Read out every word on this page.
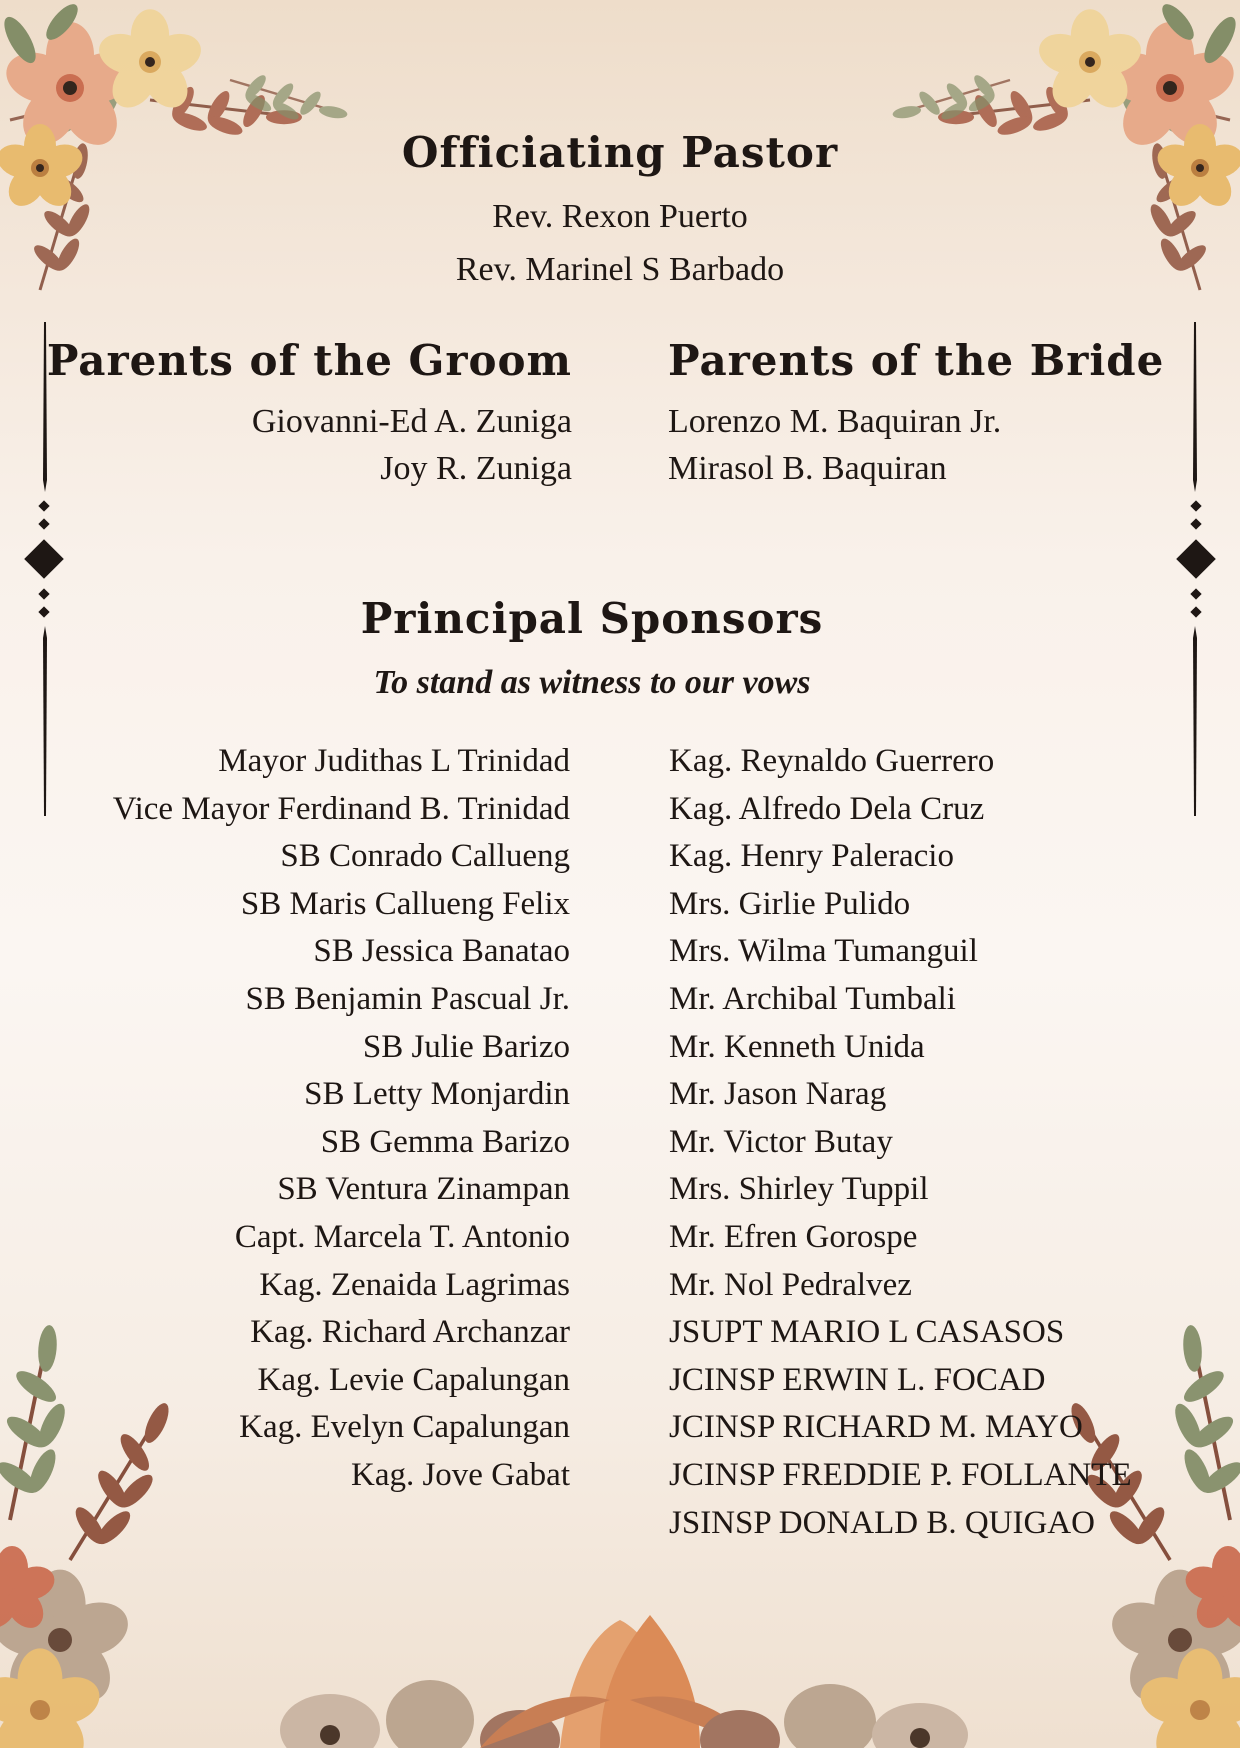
Officiating Pastor
Rev. Rexon Puerto
Rev. Marinel S Barbado
Parents of the Groom
Giovanni-Ed A. Zuniga
Joy R. Zuniga
Parents of the Bride
Lorenzo M. Baquiran Jr.
Mirasol B. Baquiran
Principal Sponsors
To stand as witness to our vows
Mayor Judithas L Trinidad
Vice Mayor Ferdinand B. Trinidad
SB Conrado Callueng
SB Maris Callueng Felix
SB Jessica Banatao
SB Benjamin Pascual Jr.
SB Julie Barizo
SB Letty Monjardin
SB Gemma Barizo
SB Ventura Zinampan
Capt. Marcela T. Antonio
Kag. Zenaida Lagrimas
Kag. Richard Archanzar
Kag. Levie Capalungan
Kag. Evelyn Capalungan
Kag. Jove Gabat
Kag. Reynaldo Guerrero
Kag. Alfredo Dela Cruz
Kag. Henry Paleracio
Mrs. Girlie Pulido
Mrs. Wilma Tumanguil
Mr. Archibal Tumbali
Mr. Kenneth Unida
Mr. Jason Narag
Mr. Victor Butay
Mrs. Shirley Tuppil
Mr. Efren Gorospe
Mr. Nol Pedralvez
JSUPT MARIO L CASASOS
JCINSP ERWIN L. FOCAD
JCINSP RICHARD M. MAYO
JCINSP FREDDIE P. FOLLANTE
JSINSP DONALD B. QUIGAO
